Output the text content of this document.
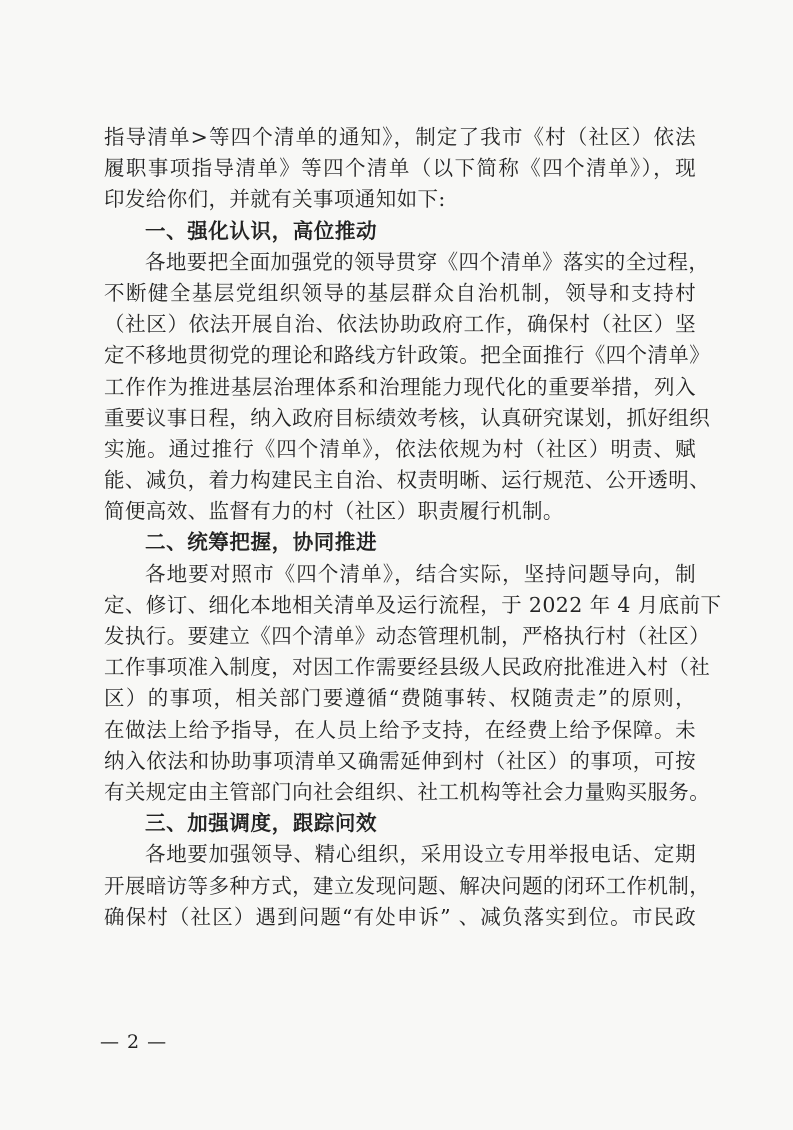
指导清单>等四个清单的通知》，制定了我市《村（社区）依法
履职事项指导清单》等四个清单（以下简称《四个清单》），现
印发给你们，并就有关事项通知如下:
一、强化认识，高位推动
各地要把全面加强党的领导贯穿《四个清单》落实的全过程，
不断健全基层党组织领导的基层群众自治机制，领导和支持村
（社区）依法开展自治、依法协助政府工作，确保村（社区）坚
定不移地贯彻党的理论和路线方针政策。把全面推行《四个清单》
工作作为推进基层治理体系和治理能力现代化的重要举措，列入
重要议事日程，纳入政府目标绩效考核，认真研究谋划，抓好组织
实施。通过推行《四个清单》，依法依规为村（社区）明责、赋
能、减负，着力构建民主自治、权责明晰、运行规范、公开透明、
简便高效、监督有力的村（社区）职责履行机制。
二、统筹把握，协同推进
各地要对照市《四个清单》，结合实际，坚持问题导向，制
定、修订、细化本地相关清单及运行流程，于 2022 年 4 月底前下
发执行。要建立《四个清单》动态管理机制，严格执行村（社区）
工作事项准入制度，对因工作需要经县级人民政府批准进入村（社
区）的事项，相关部门要遵循“费随事转、权随责走”的原则，
在做法上给予指导，在人员上给予支持，在经费上给予保障。未
纳入依法和协助事项清单又确需延伸到村（社区）的事项，可按
有关规定由主管部门向社会组织、社工机构等社会力量购买服务。
三、加强调度，跟踪问效
各地要加强领导、精心组织，采用设立专用举报电话、定期
开展暗访等多种方式，建立发现问题、解决问题的闭环工作机制，
确保村（社区）遇到问题“有处申诉” 、减负落实到位。市民政
— 2 —
